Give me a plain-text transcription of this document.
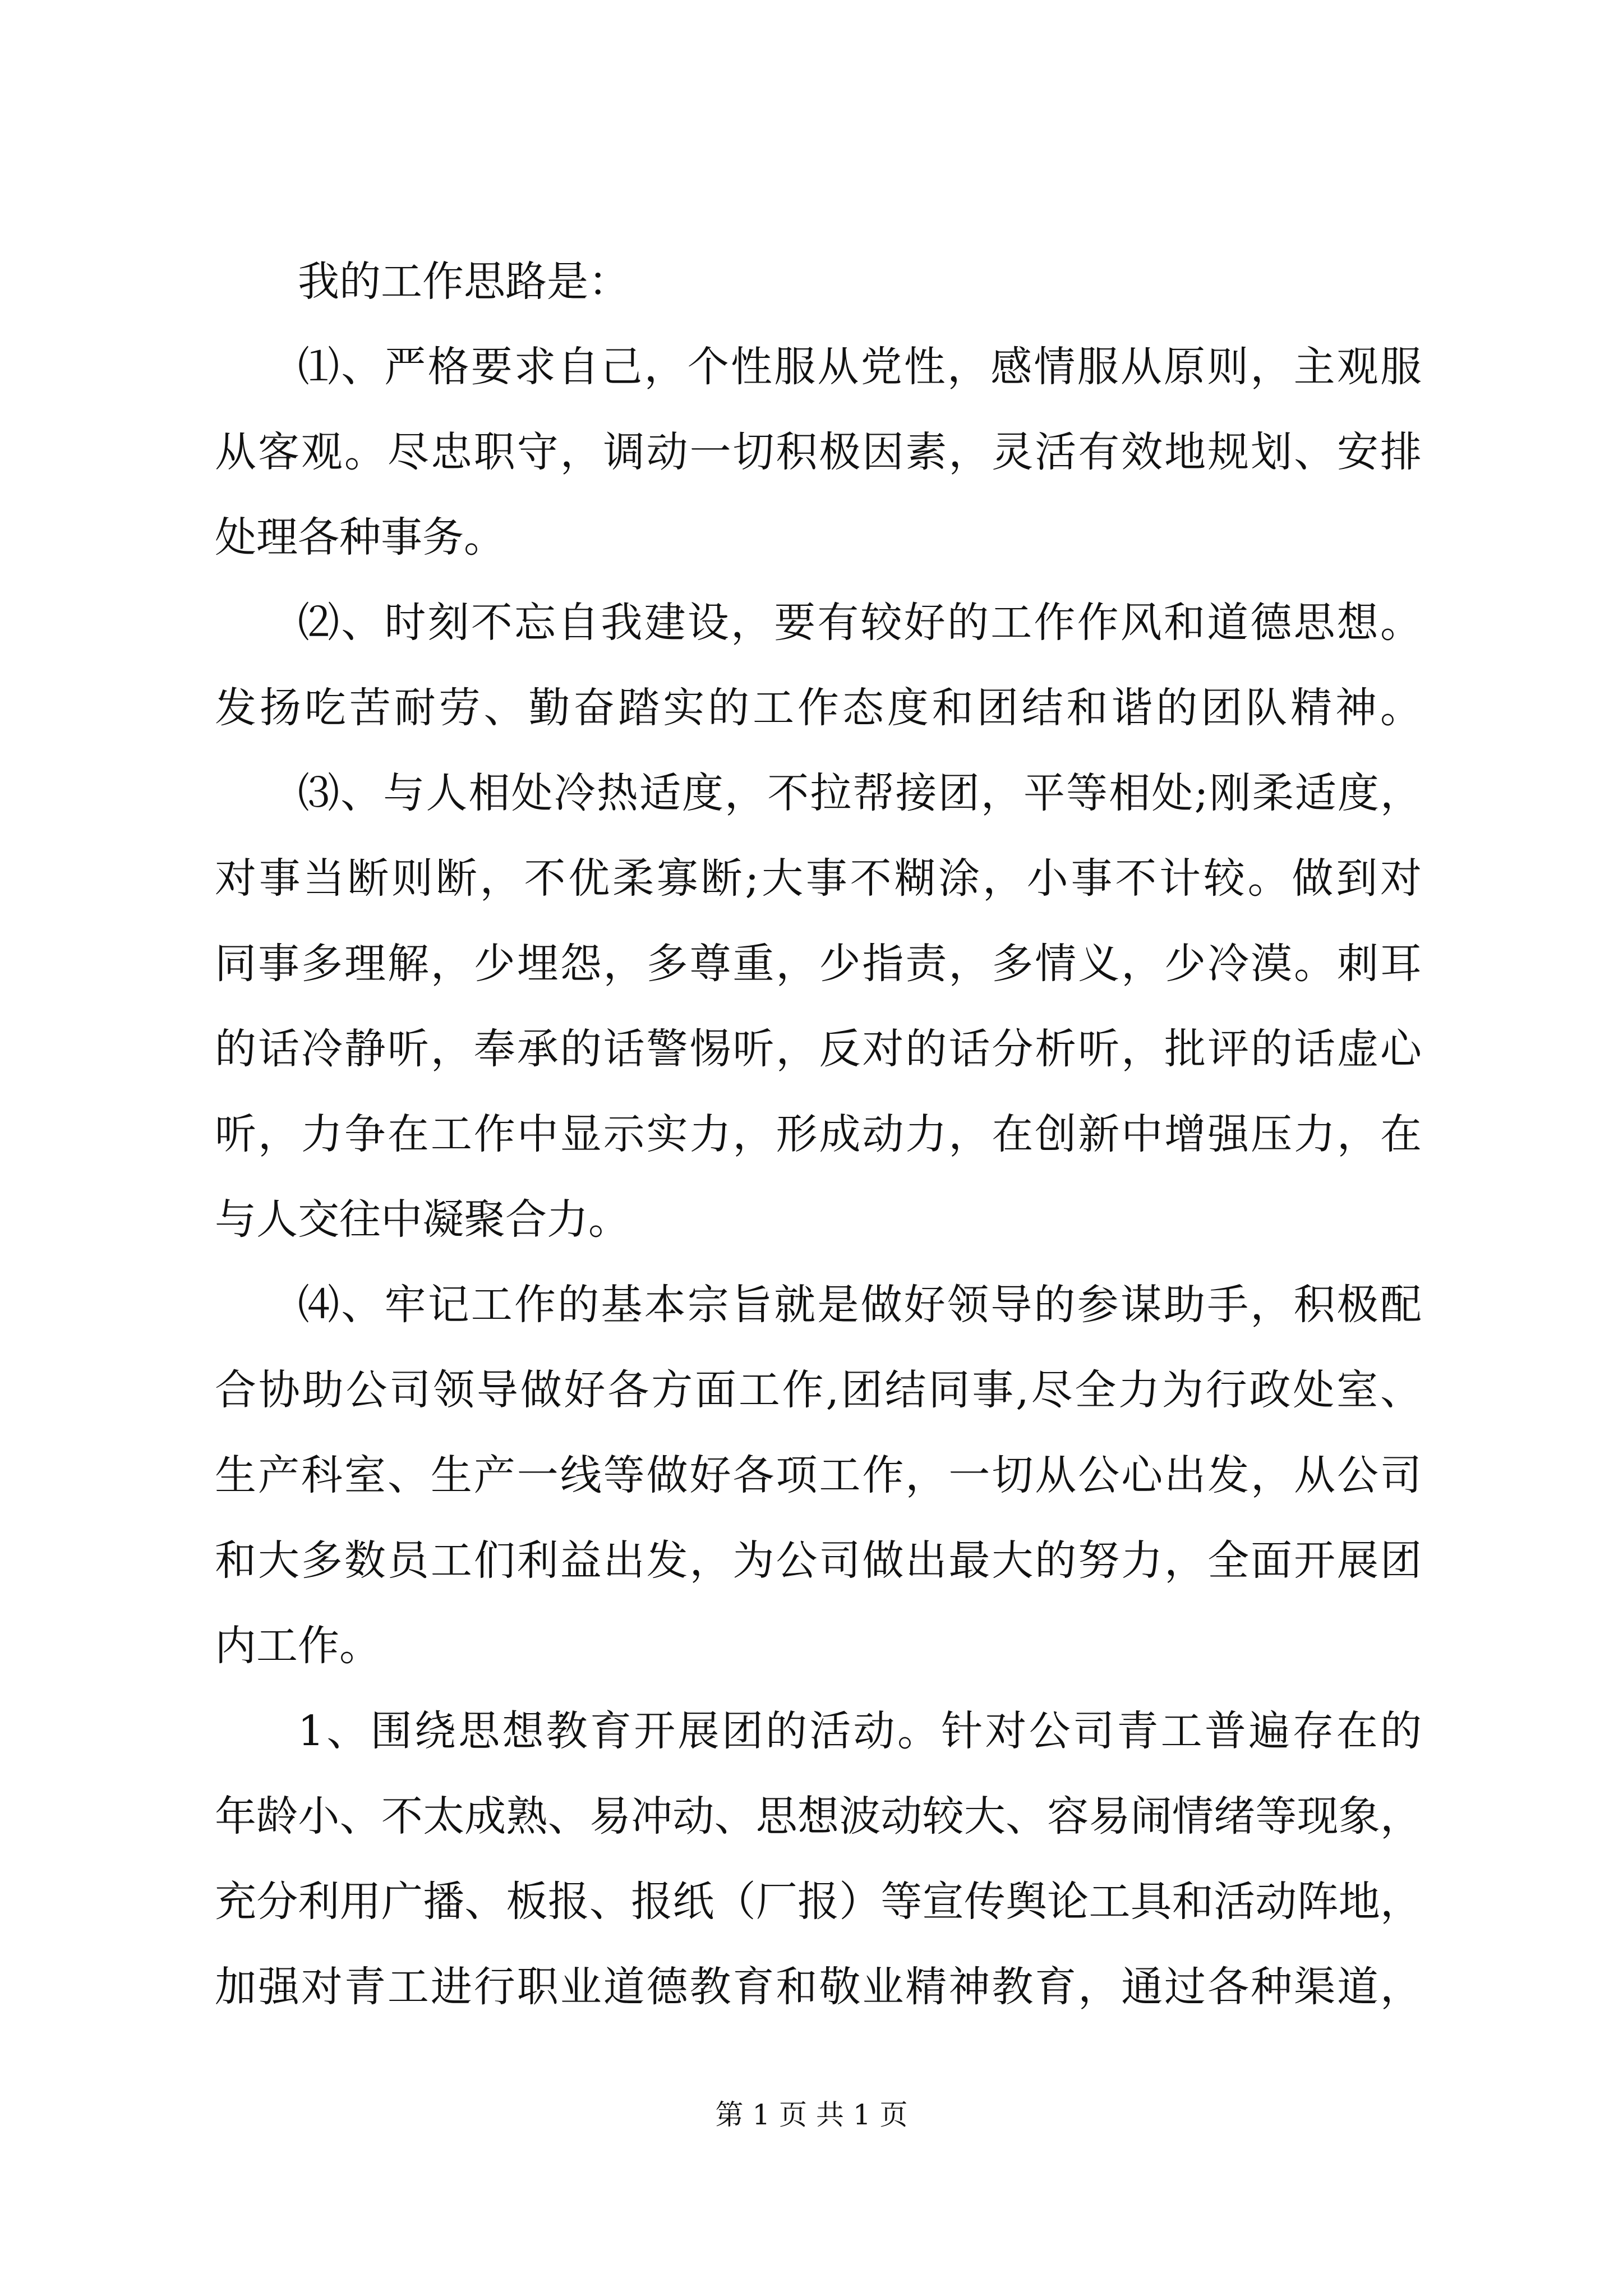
我的工作思路是：
⑴、严格要求自己，个性服从党性，感情服从原则，主观服
从客观。尽忠职守，调动一切积极因素，灵活有效地规划、安排
处理各种事务。
⑵、时刻不忘自我建设，要有较好的工作作风和道德思想。
发扬吃苦耐劳、勤奋踏实的工作态度和团结和谐的团队精神。
⑶、与人相处冷热适度，不拉帮接团，平等相处;刚柔适度，
对事当断则断，不优柔寡断;大事不糊涂，小事不计较。做到对
同事多理解，少埋怨，多尊重，少指责，多情义，少冷漠。刺耳
的话冷静听，奉承的话警惕听，反对的话分析听，批评的话虚心
听，力争在工作中显示实力，形成动力，在创新中增强压力，在
与人交往中凝聚合力。
⑷、牢记工作的基本宗旨就是做好领导的参谋助手，积极配
合协助公司领导做好各方面工作,团结同事,尽全力为行政处室、
生产科室、生产一线等做好各项工作，一切从公心出发，从公司
和大多数员工们利益出发，为公司做出最大的努力，全面开展团
内工作。
1、围绕思想教育开展团的活动。针对公司青工普遍存在的
年龄小、不太成熟、易冲动、思想波动较大、容易闹情绪等现象，
充分利用广播、板报、报纸（厂报）等宣传舆论工具和活动阵地，
加强对青工进行职业道德教育和敬业精神教育，通过各种渠道，
第 1 页 共 1 页
